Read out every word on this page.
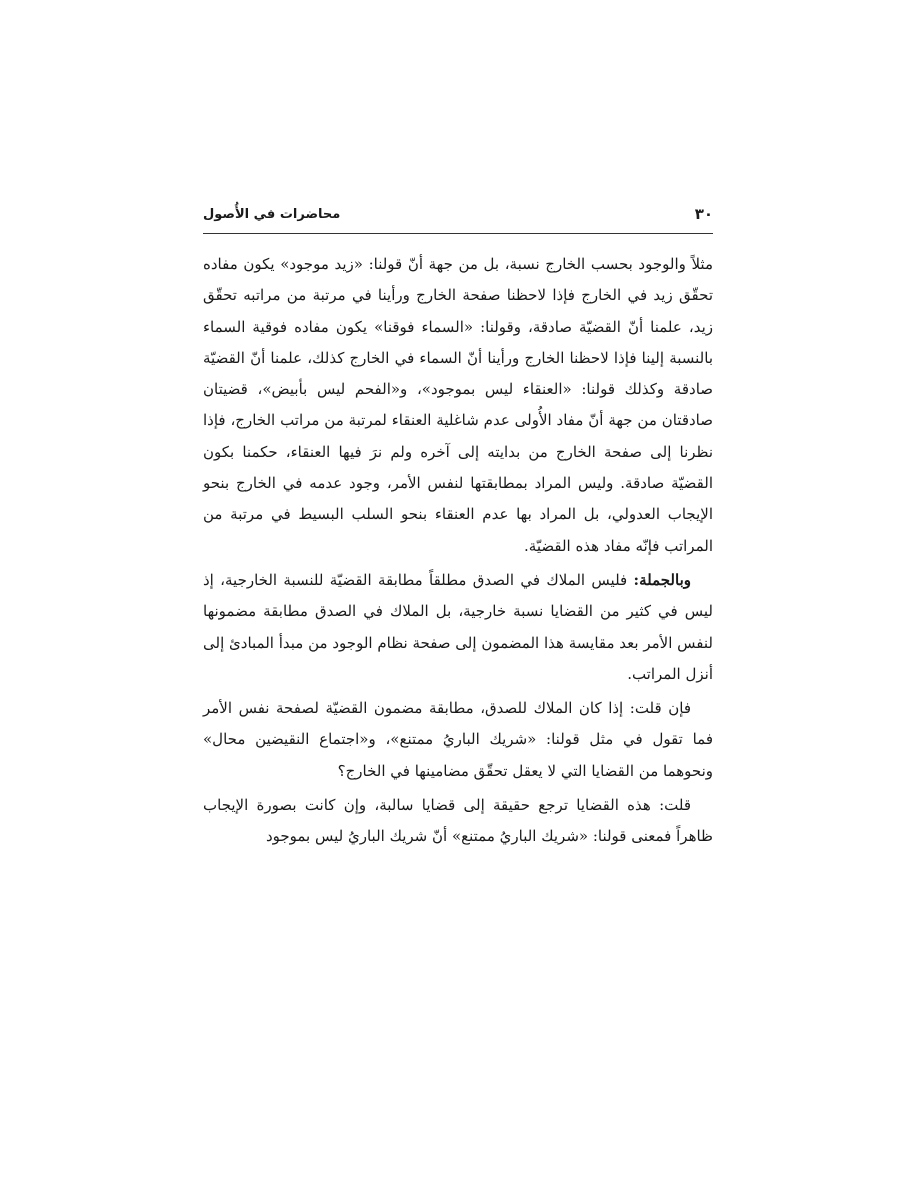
٣٠
محاضرات في الأُصول

مثلاً والوجود بحسب الخارج نسبة، بل من جهة أنّ قولنا: «زيد موجود» يكون مفاده تحقّق زيد في الخارج فإذا لاحظنا صفحة الخارج ورأينا في مرتبة من مراتبه تحقّق زيد، علمنا أنّ القضيّة صادقة، وقولنا: «السماء فوقنا» يكون مفاده فوقية السماء بالنسبة إلينا فإذا لاحظنا الخارج ورأينا أنّ السماء في الخارج كذلك، علمنا أنّ القضيّة صادقة وكذلك قولنا: «العنقاء ليس بموجود»، و«الفحم ليس بأبيض»، قضيتان صادقتان من جهة أنّ مفاد الأُولى عدم شاغلية العنقاء لمرتبة من مراتب الخارج، فإذا نظرنا إلى صفحة الخارج من بدايته إلى آخره ولم نرَ فيها العنقاء، حكمنا بكون القضيّة صادقة. وليس المراد بمطابقتها لنفس الأمر، وجود عدمه في الخارج بنحو الإيجاب العدولي، بل المراد بها عدم العنقاء بنحو السلب البسيط في مرتبة من المراتب فإنّه مفاد هذه القضيّة.

وبالجملة: فليس الملاك في الصدق مطلقاً مطابقة القضيّة للنسبة الخارجية، إذ ليس في كثير من القضايا نسبة خارجية، بل الملاك في الصدق مطابقة مضمونها لنفس الأمر بعد مقايسة هذا المضمون إلى صفحة نظام الوجود من مبدأ المبادئ إلى أنزل المراتب.

فإن قلت: إذا كان الملاك للصدق، مطابقة مضمون القضيّة لصفحة نفس الأمر فما تقول في مثل قولنا: «شريك الباريُ ممتنع»، و«اجتماع النقيضين محال» ونحوهما من القضايا التي لا يعقل تحقّق مضامينها في الخارج؟

قلت: هذه القضايا ترجع حقيقة إلى قضايا سالبة، وإن كانت بصورة الإيجاب ظاهراً فمعنى قولنا: «شريك الباريُ ممتنع» أنّ شريك الباريُ ليس بموجود
